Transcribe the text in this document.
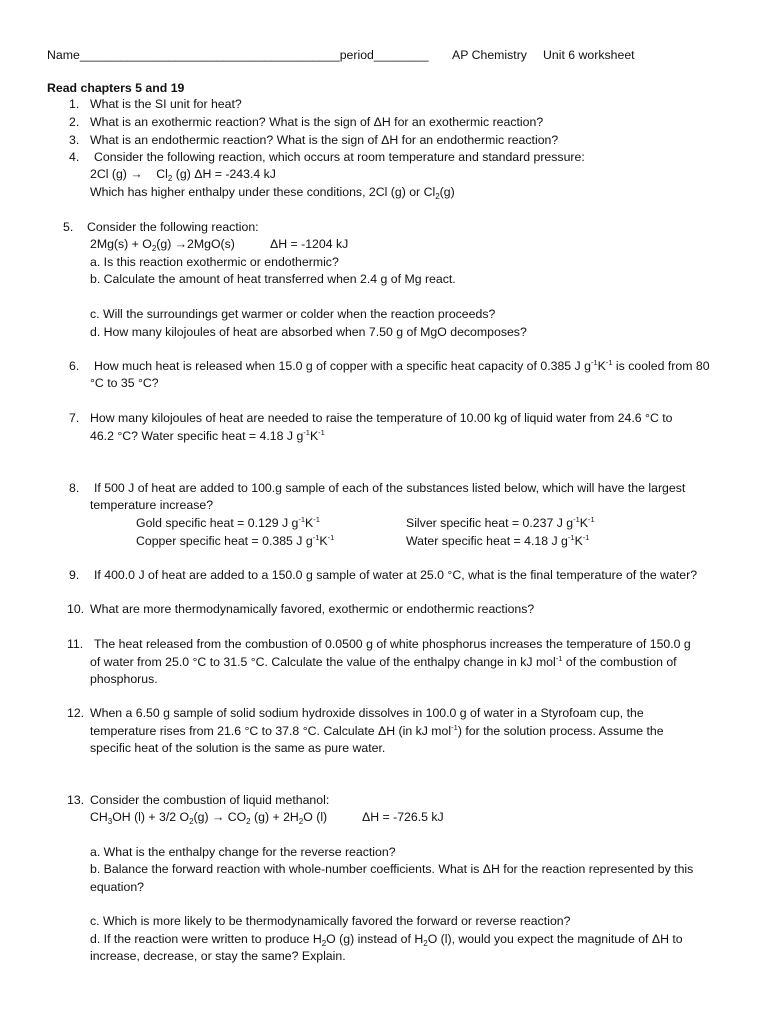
Name______________________________________period________ AP Chemistry Unit 6 worksheet
Read chapters 5 and 19
1. What is the SI unit for heat?
2. What is an exothermic reaction? What is the sign of ΔH for an exothermic reaction?
3. What is an endothermic reaction? What is the sign of ΔH for an endothermic reaction?
4. Consider the following reaction, which occurs at room temperature and standard pressure:
2Cl $(g) \to Cl_2$ (g) ΔH = -243.4 kJ
Which has higher enthalpy under these conditions, 2Cl (g) or $Cl_2(g)$
5. Consider the following reaction:
$2Mg(s) + O_2(g) \to 2MgO(s)$	ΔH = -1204 kJ
a. Is this reaction exothermic or endothermic?
b. Calculate the amount of heat transferred when 2.4 g of Mg react.
c. Will the surroundings get warmer or colder when the reaction proceeds?
d. How many kilojoules of heat are absorbed when 7.50 g of MgO decomposes?
6. How much heat is released when 15.0 g of copper with a specific heat capacity of 0.385 J $g^{-1}K^{-1}$ is cooled from 80
°C to 35 °C?
7. How many kilojoules of heat are needed to raise the temperature of 10.00 kg of liquid water from 24.6 °C to
46.2 °C? Water specific heat = 4.18 J $g^{-1}K^{-1}$
8. If 500 J of heat are added to 100.g sample of each of the substances listed below, which will have the largest
temperature increase?
Gold specific heat = 0.129 J $g^{-1}K^{-1}$	Silver specific heat = 0.237 J $g^{-1}K^{-1}$
Copper specific heat = 0.385 J $g^{-1}K^{-1}$	Water specific heat = 4.18 J $g^{-1}K^{-1}$
9. If 400.0 J of heat are added to a 150.0 g sample of water at 25.0 °C, what is the final temperature of the water?
10. What are more thermodynamically favored, exothermic or endothermic reactions?
11. The heat released from the combustion of 0.0500 g of white phosphorus increases the temperature of 150.0 g
of water from 25.0 °C to 31.5 °C. Calculate the value of the enthalpy change in kJ mol$^{-1}$ of the combustion of
phosphorus.
12. When a 6.50 g sample of solid sodium hydroxide dissolves in 100.0 g of water in a Styrofoam cup, the
temperature rises from 21.6 °C to 37.8 °C. Calculate ΔH (in kJ mol$^{-1}$) for the solution process. Assume the
specific heat of the solution is the same as pure water.
13. Consider the combustion of liquid methanol:
$CH_3OH$ (l) + 3/2 $O_2(g) \to CO_2$ $(g) + 2H_2O$ (l)	ΔH = -726.5 kJ
a. What is the enthalpy change for the reverse reaction?
b. Balance the forward reaction with whole-number coefficients. What is ΔH for the reaction represented by this
equation?
c. Which is more likely to be thermodynamically favored the forward or reverse reaction?
d. If the reaction were written to produce $H_2O$ (g) instead of $H_2O$ (l), would you expect the magnitude of ΔH to
increase, decrease, or stay the same? Explain.
